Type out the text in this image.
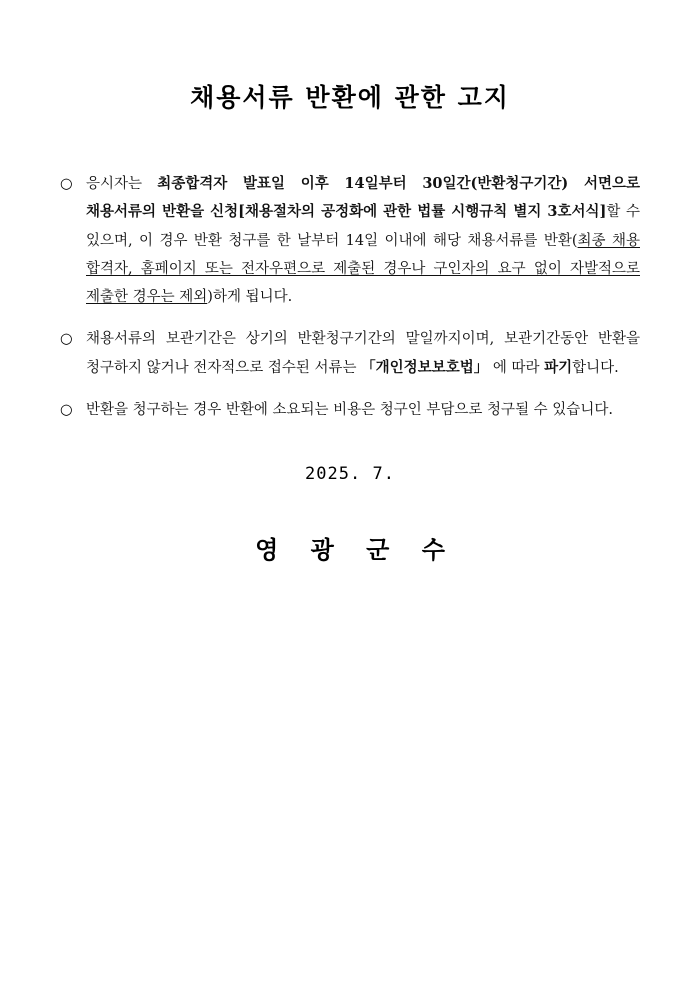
채용서류 반환에 관한 고지
○ 응시자는 최종합격자 발표일 이후 14일부터 30일간(반환청구기간) 서면으로 채용서류의 반환을 신청[채용절차의 공정화에 관한 법률 시행규칙 별지 3호서식]할 수 있으며, 이 경우 반환 청구를 한 날부터 14일 이내에 해당 채용서류를 반환(최종 채용 합격자, 홈페이지 또는 전자우편으로 제출된 경우나 구인자의 요구 없이 자발적으로 제출한 경우는 제외)하게 됩니다.
○ 채용서류의 보관기간은 상기의 반환청구기간의 말일까지이며, 보관기간동안 반환을 청구하지 않거나 전자적으로 접수된 서류는 「개인정보보호법」 에 따라 파기합니다.
○ 반환을 청구하는 경우 반환에 소요되는 비용은 청구인 부담으로 청구될 수 있습니다.
2025. 7.
영 광 군 수
